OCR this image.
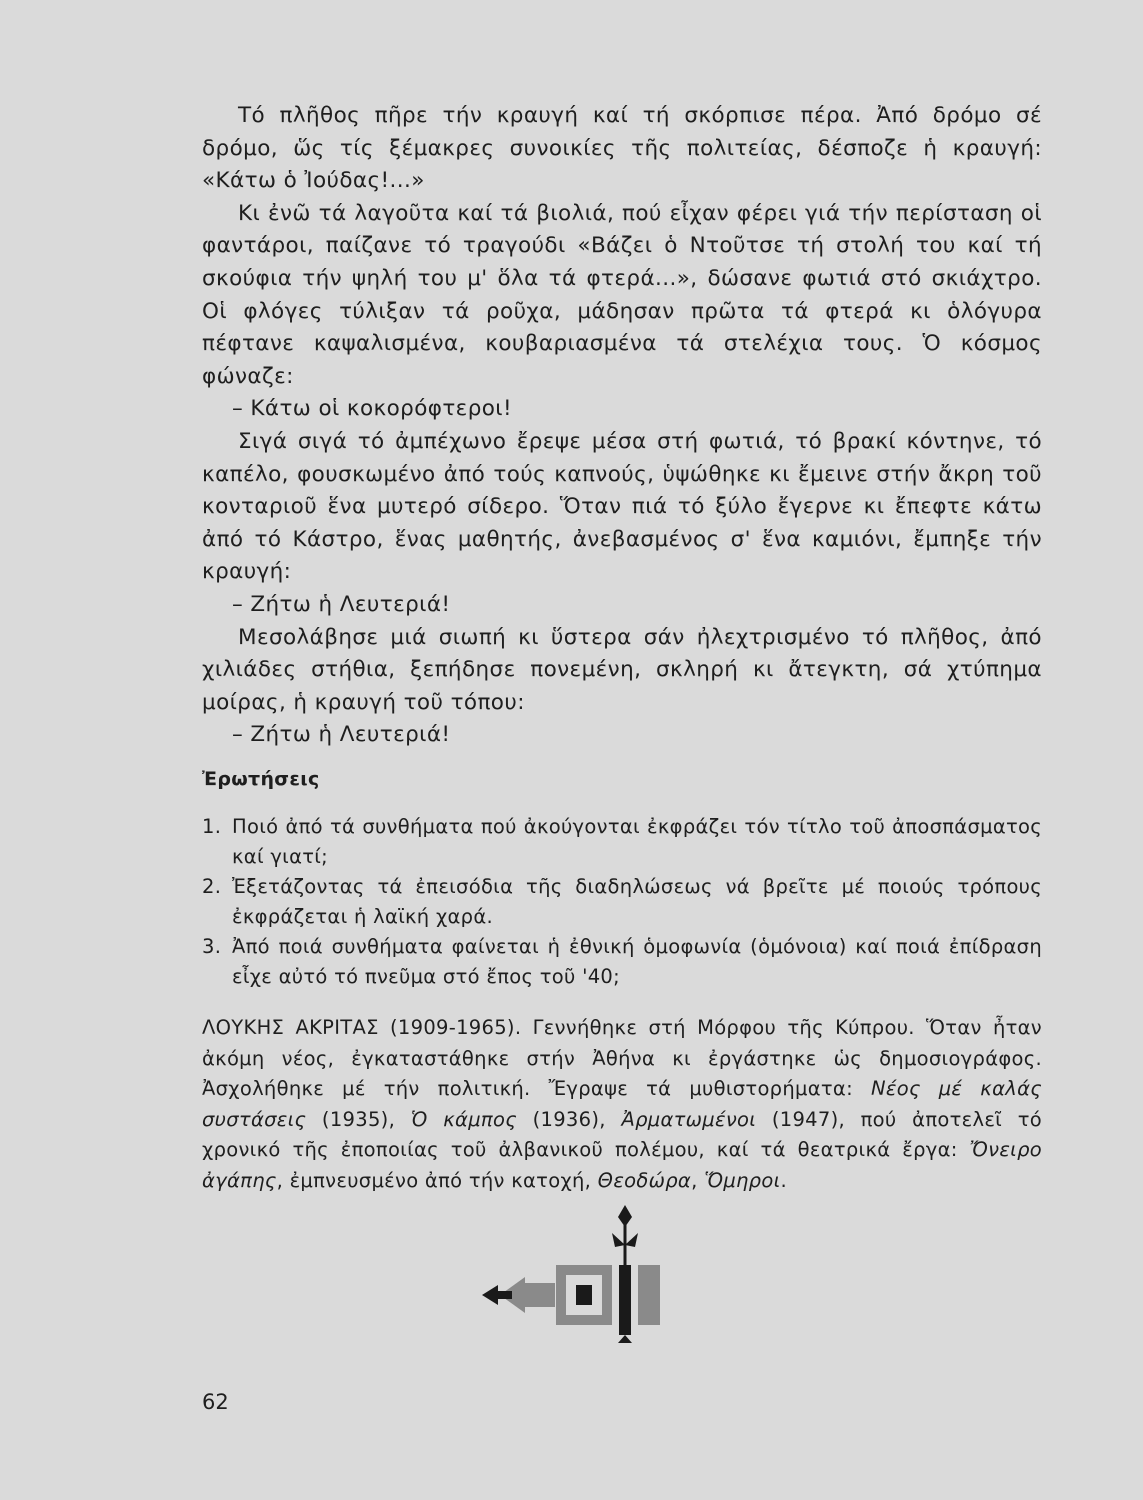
Τό πλῆθος πῆρε τήν κραυγή καί τή σκόρπισε πέρα. Ἀπό δρόμο σέ δρόμο, ὥς τίς ξέμακρες συνοικίες τῆς πολιτείας, δέσποζε ἡ κραυγή: «Κάτω ὁ Ἰούδας!...»

Κι ἐνῶ τά λαγοῦτα καί τά βιολιά, πού εἶχαν φέρει γιά τήν περίσταση οἱ φαντάροι, παίζανε τό τραγούδι «Βάζει ὁ Ντοῦτσε τή στολή του καί τή σκούφια τήν ψηλή του μ' ὅλα τά φτερά...», δώσανε φωτιά στό σκιάχτρο. Οἱ φλόγες τύλιξαν τά ροῦχα, μάδησαν πρῶτα τά φτερά κι ὁλόγυρα πέφτανε καψαλισμένα, κουβαριασμένα τά στελέχια τους. Ὁ κόσμος φώναζε:

– Κάτω οἱ κοκορόφτεροι!

Σιγά σιγά τό ἀμπέχωνο ἔρεψε μέσα στή φωτιά, τό βρακί κόντηνε, τό καπέλο, φουσκωμένο ἀπό τούς καπνούς, ὑψώθηκε κι ἔμεινε στήν ἄκρη τοῦ κονταριοῦ ἕνα μυτερό σίδερο. Ὅταν πιά τό ξύλο ἔγερνε κι ἔπεφτε κάτω ἀπό τό Κάστρο, ἕνας μαθητής, ἀνεβασμένος σ' ἕνα καμιόνι, ἔμπηξε τήν κραυγή:

– Ζήτω ἡ Λευτεριά!

Μεσολάβησε μιά σιωπή κι ὕστερα σάν ἠλεχτρισμένο τό πλῆθος, ἀπό χιλιάδες στήθια, ξεπήδησε πονεμένη, σκληρή κι ἄτεγκτη, σά χτύπημα μοίρας, ἡ κραυγή τοῦ τόπου:

– Ζήτω ἡ Λευτεριά!

Ἐρωτήσεις
1. Ποιό ἀπό τά συνθήματα πού ἀκούγονται ἐκφράζει τόν τίτλο τοῦ ἀποσπάσματος καί γιατί;
2. Ἐξετάζοντας τά ἐπεισόδια τῆς διαδηλώσεως νά βρεῖτε μέ ποιούς τρόπους ἐκφράζεται ἡ λαϊκή χαρά.
3. Ἀπό ποιά συνθήματα φαίνεται ἡ ἐθνική ὁμοφωνία (ὁμόνοια) καί ποιά ἐπίδραση εἶχε αὐτό τό πνεῦμα στό ἔπος τοῦ '40;

ΛΟΥΚΗΣ ΑΚΡΙΤΑΣ (1909-1965). Γεννήθηκε στή Μόρφου τῆς Κύπρου. Ὅταν ἦταν ἀκόμη νέος, ἐγκαταστάθηκε στήν Ἀθήνα κι ἐργάστηκε ὡς δημοσιογράφος. Ἀσχολήθηκε μέ τήν πολιτική. Ἔγραψε τά μυθιστορήματα: Νέος μέ καλάς συστάσεις (1935), Ὁ κάμπος (1936), Ἀρματωμένοι (1947), πού ἀποτελεῖ τό χρονικό τῆς ἐποποιίας τοῦ ἀλβανικοῦ πολέμου, καί τά θεατρικά ἔργα: Ὄνειρο ἀγάπης, ἐμπνευσμένο ἀπό τήν κατοχή, Θεοδώρα, Ὅμηροι.

62
